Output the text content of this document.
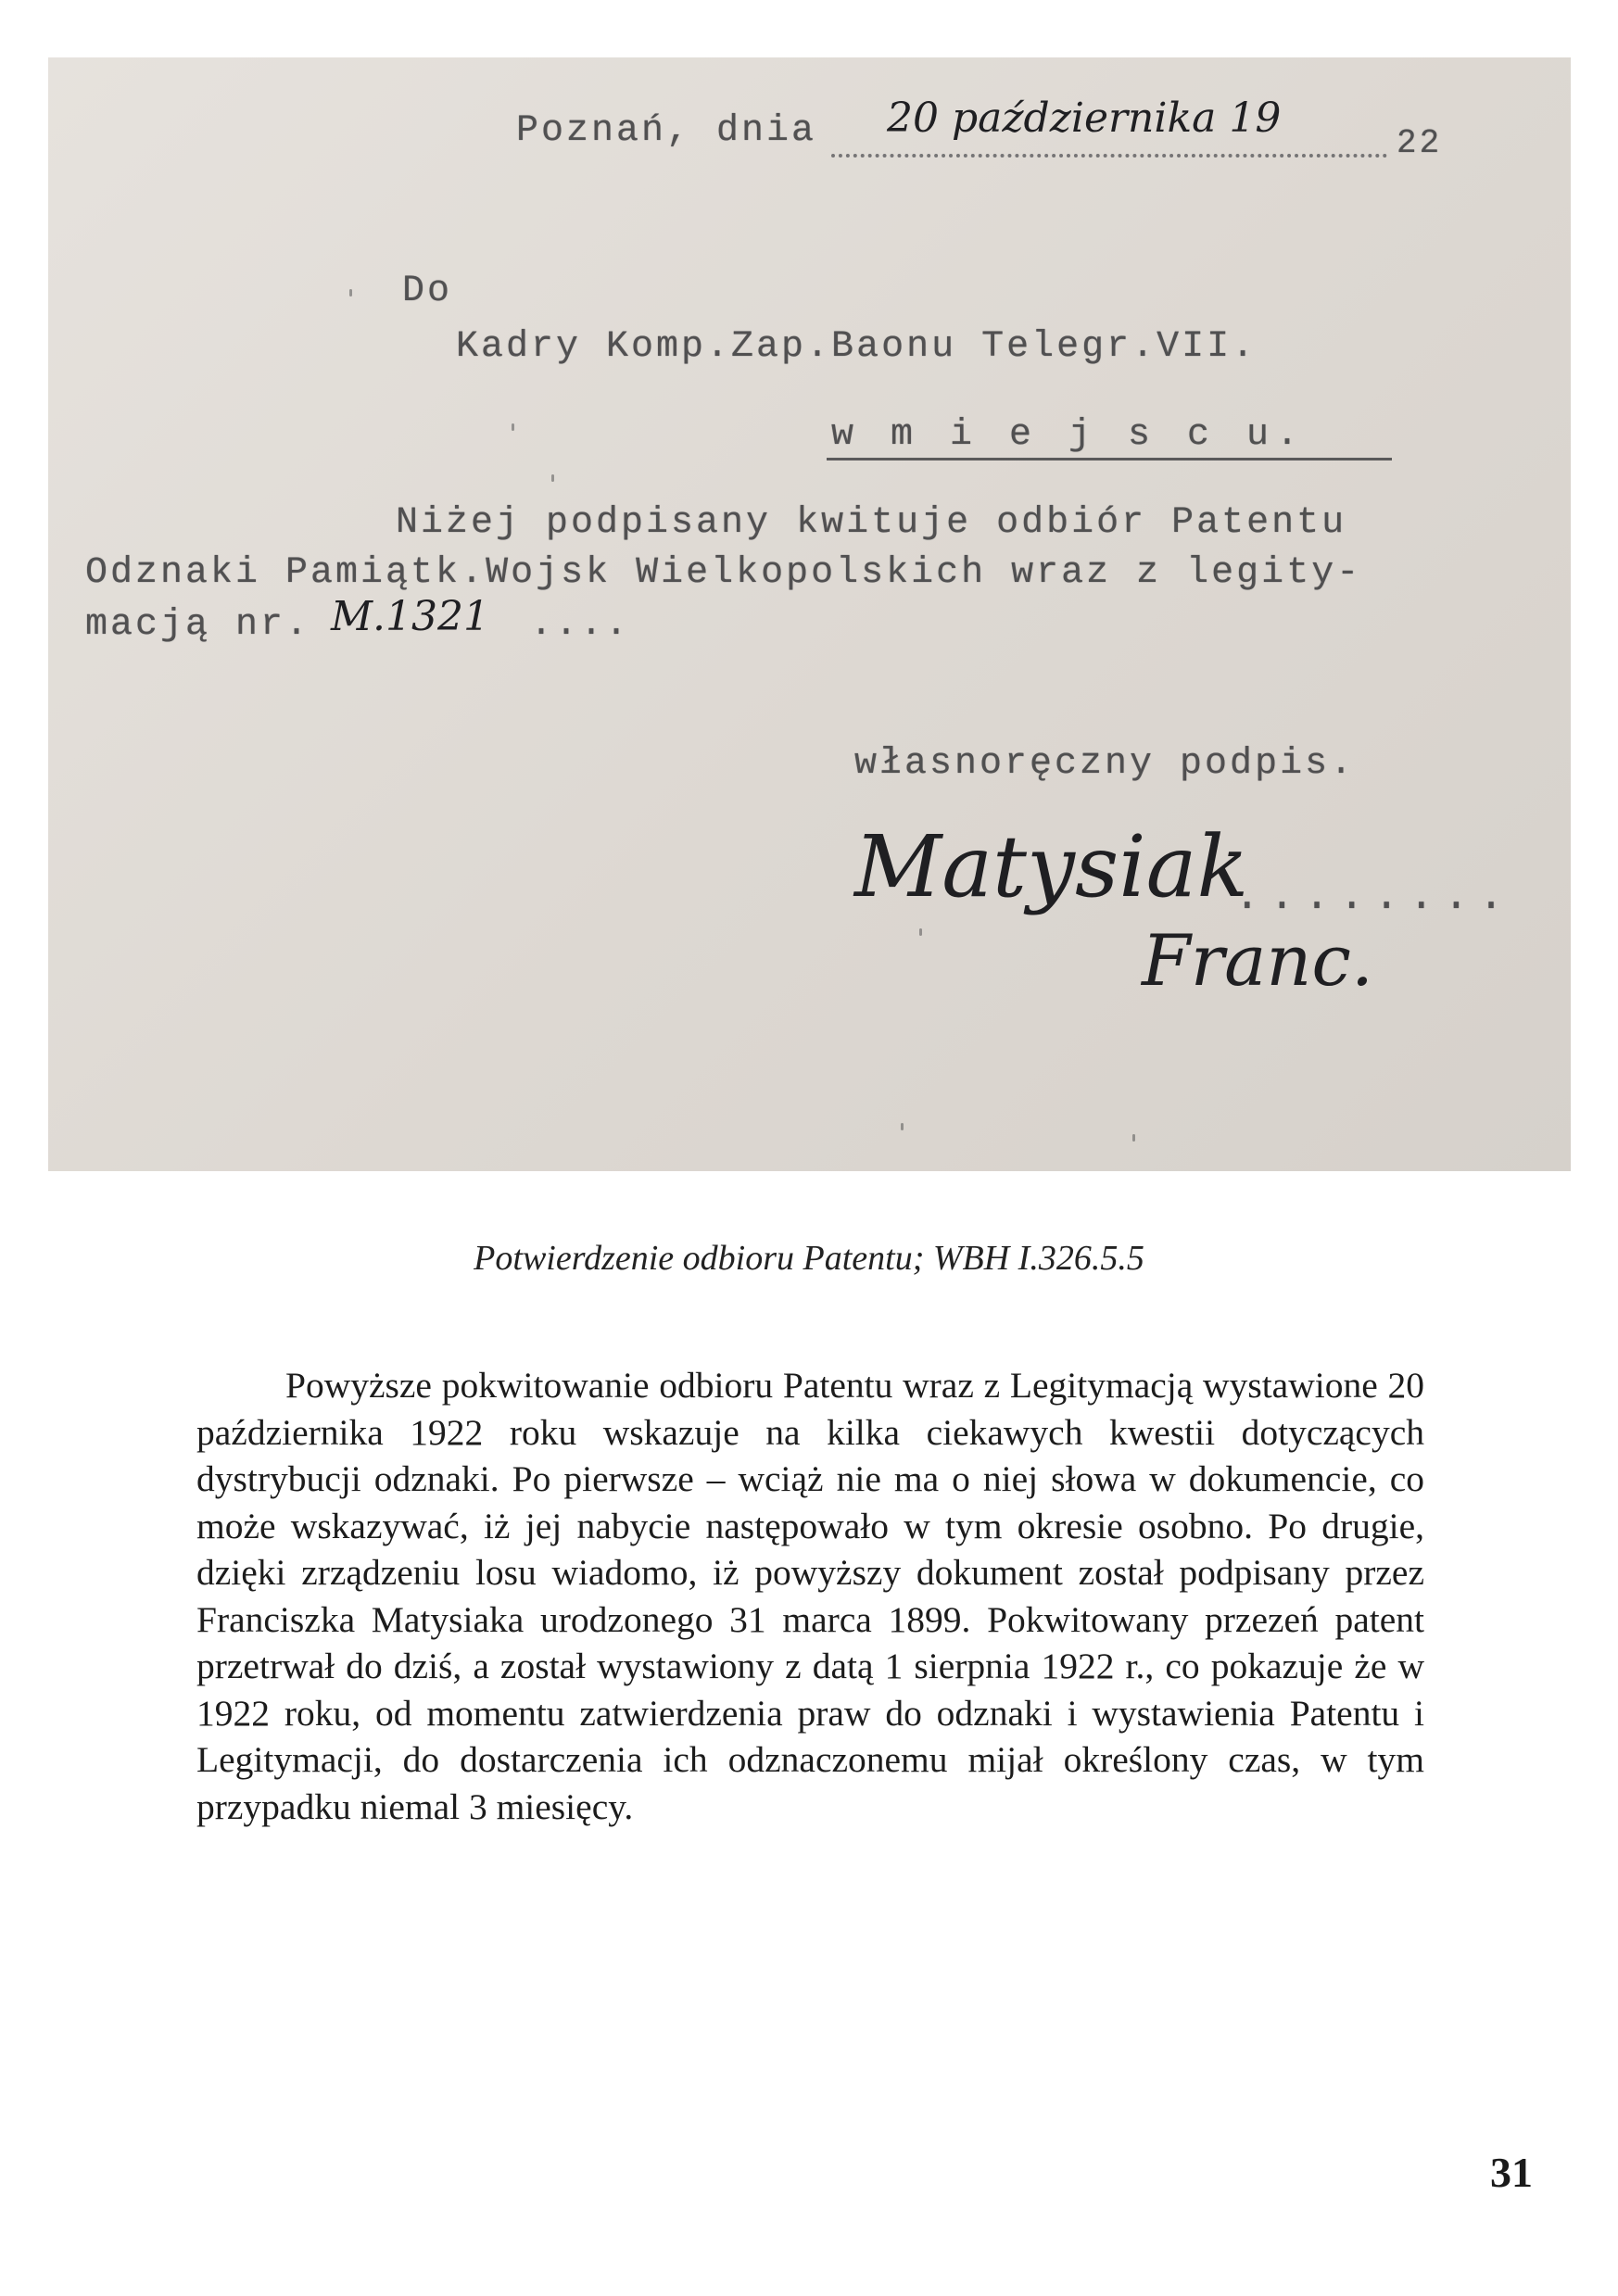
Poznań, dnia 20 października 19
22
Do
Kadry Komp.Zap.Baonu Telegr.VII.
w m i e j s c u.
Niżej podpisany kwituje odbiór Patentu
Odznaki Pamiątk.Wojsk Wielkopolskich wraz z legity-
macją nr. M.1321 ....
własnoręczny podpis.
Matysiak
........
Franc.
Potwierdzenie odbioru Patentu; WBH I.326.5.5

Powyższe pokwitowanie odbioru Patentu wraz z Legitymacją wystawione 20 października 1922 roku wskazuje na kilka ciekawych kwestii dotyczących dystrybucji odznaki. Po pierwsze – wciąż nie ma o niej słowa w dokumencie, co może wskazywać, iż jej nabycie następowało w tym okresie osobno. Po drugie, dzięki zrządzeniu losu wiadomo, iż powyższy dokument został podpisany przez Franciszka Matysiaka urodzonego 31 marca 1899. Pokwitowany przezeń patent przetrwał do dziś, a został wystawiony z datą 1 sierpnia 1922 r., co pokazuje że w 1922 roku, od momentu zatwierdzenia praw do odznaki i wystawienia Patentu i Legitymacji, do dostarczenia ich odznaczonemu mijał określony czas, w tym przypadku niemal 3 miesięcy.

31
